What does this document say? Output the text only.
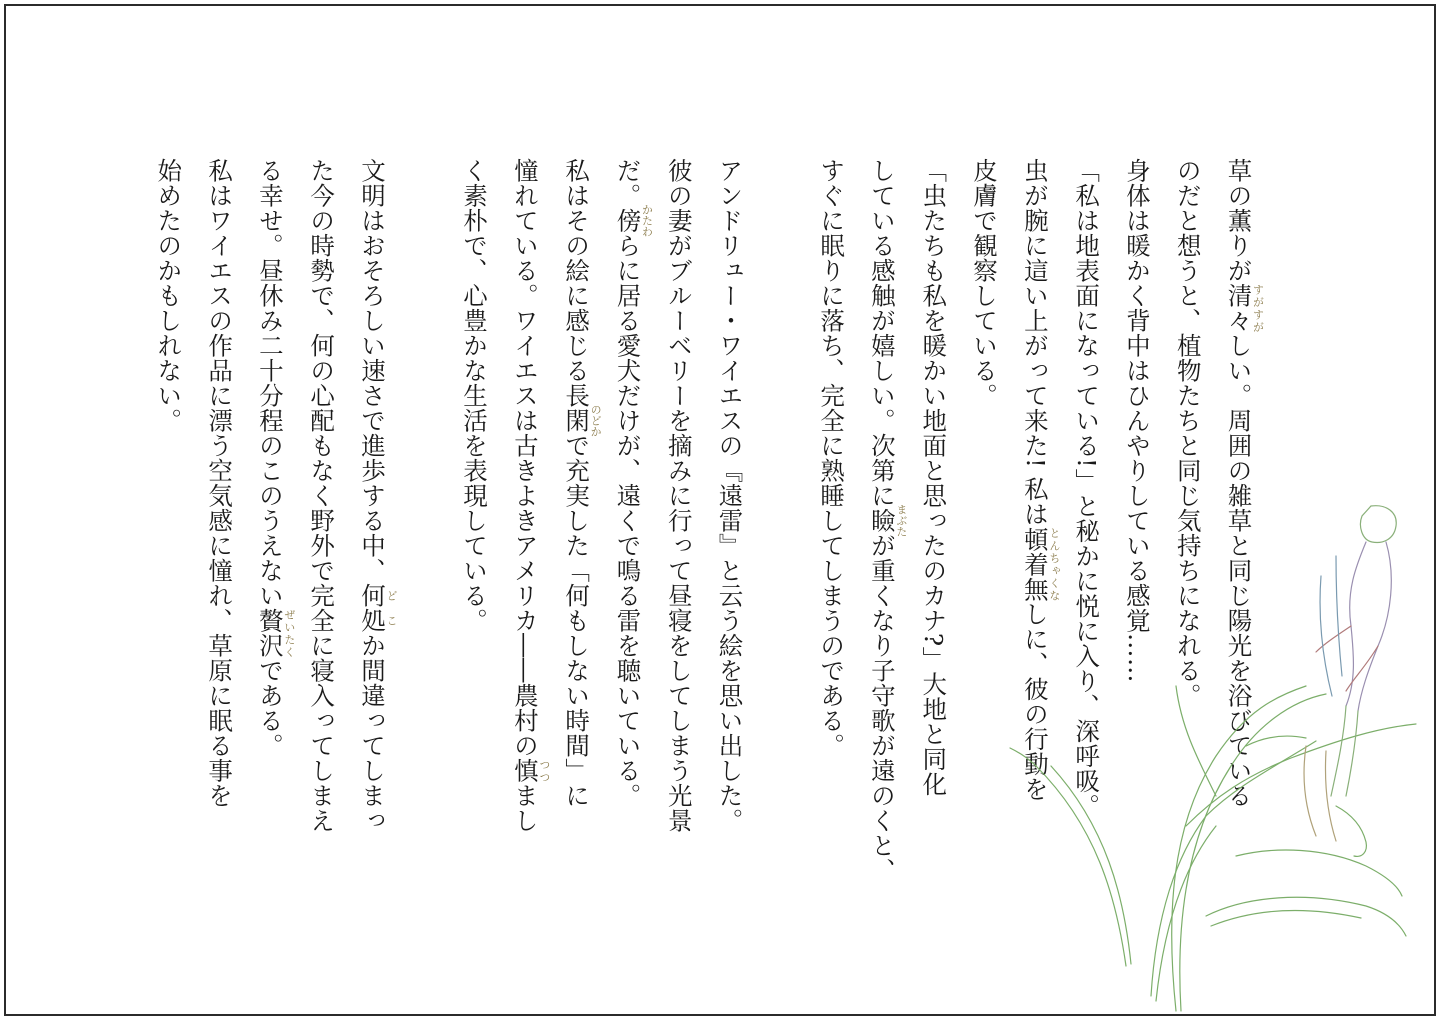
草の薫りが清々すがすがしい。周囲の雑草と同じ陽光を浴びている
のだと想うと、植物たちと同じ気持ちになれる。
身体は暖かく背中はひんやりしている感覚……
「私は地表面になっている!」と秘かに悦に入り、深呼吸。
虫が腕に這い上がって来た! 私は頓着無とんちゃくなしに、彼の行動を
皮膚で観察している。
「虫たちも私を暖かい地面と思ったのカナ?」大地と同化
している感触が嬉しい。次第に瞼まぶたが重くなり子守歌が遠のくと、
すぐに眠りに落ち、完全に熟睡してしまうのである。
アンドリュー・ワイエスの『遠雷』と云う絵を思い出した。
彼の妻がブルーベリーを摘みに行って昼寝をしてしまう光景
だ。傍かたわらに居る愛犬だけが、遠くで鳴る雷を聴いている。
私はその絵に感じる長閑のどかで充実した「何もしない時間」に
憧れている。ワイエスは古きよきアメリカ――農村の慎つつまし
く素朴で、心豊かな生活を表現している。
文明はおそろしい速さで進歩する中、何処どこか間違ってしまっ
た今の時勢で、何の心配もなく野外で完全に寝入ってしまえ
る幸せ。昼休み二十分程のこのうえない贅沢ぜいたくである。
私はワイエスの作品に漂う空気感に憧れ、草原に眠る事を
始めたのかもしれない。
